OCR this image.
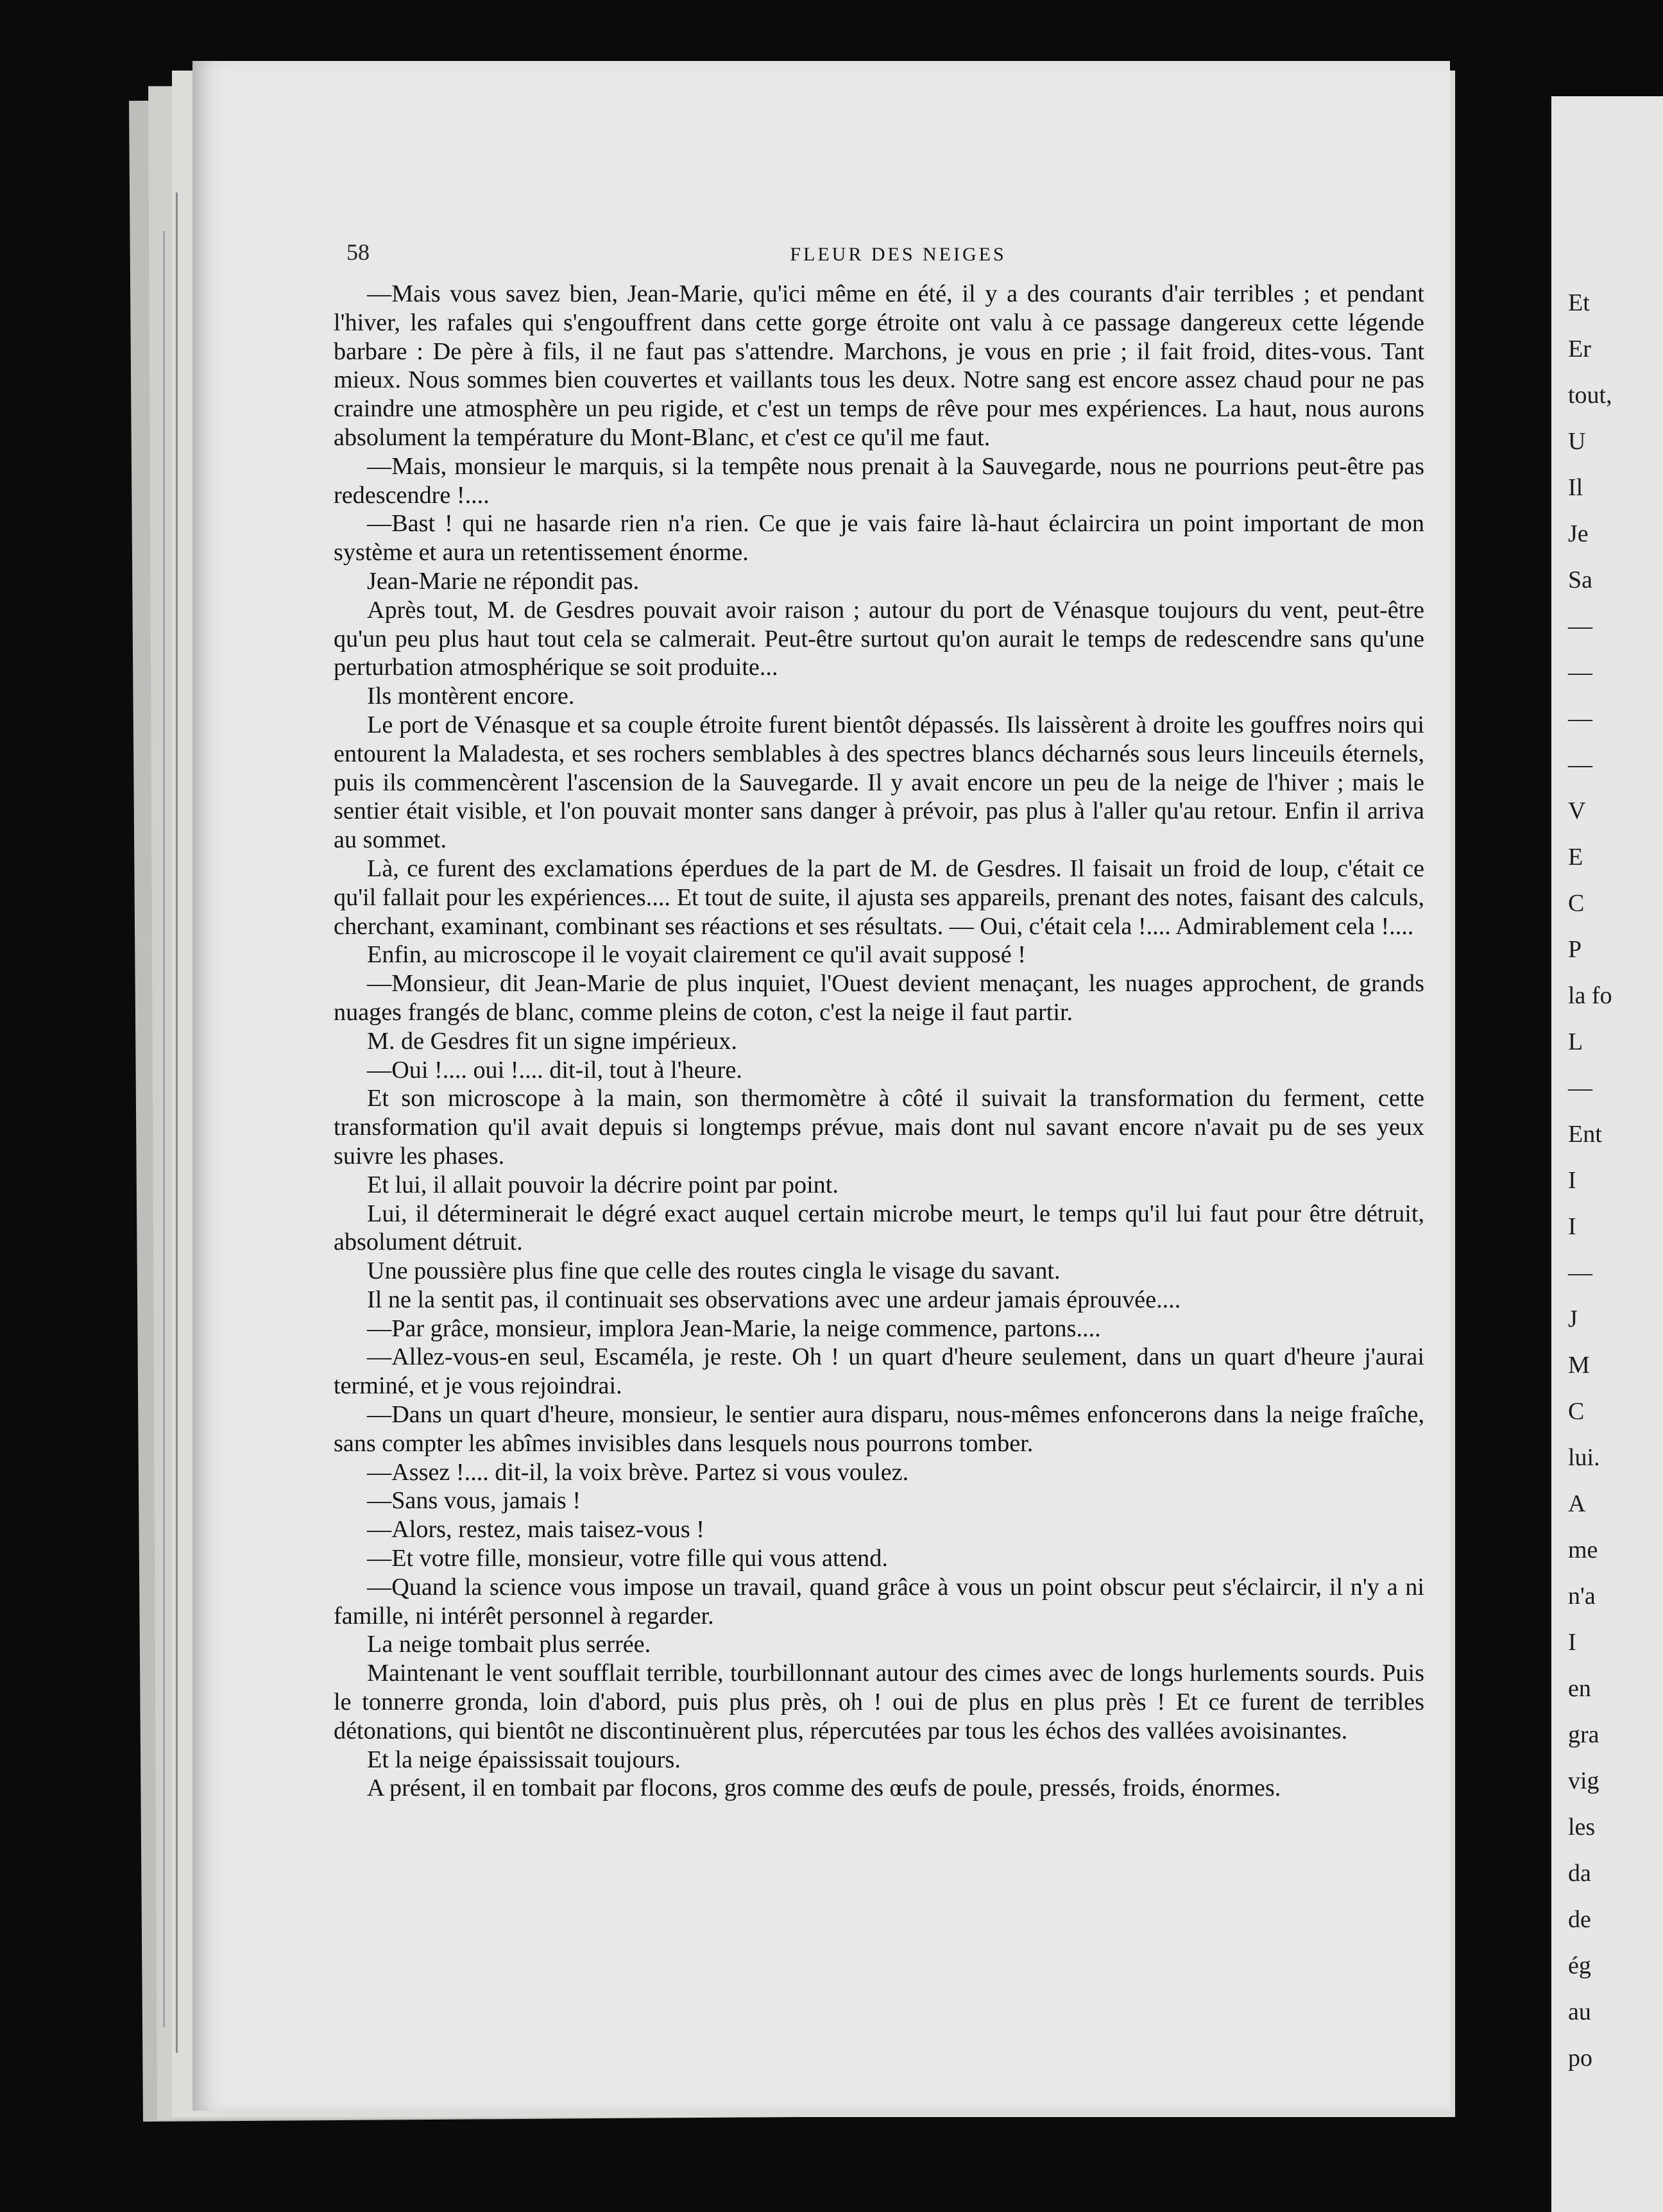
58	FLEUR DES NEIGES

—Mais vous savez bien, Jean-Marie, qu'ici même en été, il y a des courants d'air terribles ; et pendant l'hiver, les rafales qui s'engouffrent dans cette gorge étroite ont valu à ce passage dangereux cette légende barbare : De père à fils, il ne faut pas s'attendre. Marchons, je vous en prie ; il fait froid, dites-vous. Tant mieux. Nous sommes bien couvertes et vaillants tous les deux. Notre sang est encore assez chaud pour ne pas craindre une atmosphère un peu rigide, et c'est un temps de rêve pour mes expériences. La haut, nous aurons absolument la température du Mont-Blanc, et c'est ce qu'il me faut.

—Mais, monsieur le marquis, si la tempête nous prenait à la Sauvegarde, nous ne pourrions peut-être pas redescendre !....

—Bast ! qui ne hasarde rien n'a rien. Ce que je vais faire là-haut éclaircira un point important de mon système et aura un retentissement énorme.

Jean-Marie ne répondit pas.

Après tout, M. de Gesdres pouvait avoir raison ; autour du port de Vénasque toujours du vent, peut-être qu'un peu plus haut tout cela se calmerait. Peut-être surtout qu'on aurait le temps de redescendre sans qu'une perturbation atmosphérique se soit produite...

Ils montèrent encore.

Le port de Vénasque et sa couple étroite furent bientôt dépassés. Ils laissèrent à droite les gouffres noirs qui entourent la Maladesta, et ses rochers semblables à des spectres blancs décharnés sous leurs linceuils éternels, puis ils commencèrent l'ascension de la Sauvegarde. Il y avait encore un peu de la neige de l'hiver ; mais le sentier était visible, et l'on pouvait monter sans danger à prévoir, pas plus à l'aller qu'au retour. Enfin il arriva au sommet.

Là, ce furent des exclamations éperdues de la part de M. de Gesdres. Il faisait un froid de loup, c'était ce qu'il fallait pour les expériences.... Et tout de suite, il ajusta ses appareils, prenant des notes, faisant des calculs, cherchant, examinant, combinant ses réactions et ses résultats. — Oui, c'était cela !.... Admirablement cela !....

Enfin, au microscope il le voyait clairement ce qu'il avait supposé !

—Monsieur, dit Jean-Marie de plus inquiet, l'Ouest devient menaçant, les nuages approchent, de grands nuages frangés de blanc, comme pleins de coton, c'est la neige il faut partir.

M. de Gesdres fit un signe impérieux.

—Oui !.... oui !.... dit-il, tout à l'heure.

Et son microscope à la main, son thermomètre à côté il suivait la transformation du ferment, cette transformation qu'il avait depuis si longtemps prévue, mais dont nul savant encore n'avait pu de ses yeux suivre les phases.

Et lui, il allait pouvoir la décrire point par point.

Lui, il déterminerait le dégré exact auquel certain microbe meurt, le temps qu'il lui faut pour être détruit, absolument détruit.

Une poussière plus fine que celle des routes cingla le visage du savant.

Il ne la sentit pas, il continuait ses observations avec une ardeur jamais éprouvée....

—Par grâce, monsieur, implora Jean-Marie, la neige commence, partons....

—Allez-vous-en seul, Escaméla, je reste. Oh ! un quart d'heure seulement, dans un quart d'heure j'aurai terminé, et je vous rejoindrai.

—Dans un quart d'heure, monsieur, le sentier aura disparu, nous-mêmes enfoncerons dans la neige fraîche, sans compter les abîmes invisibles dans lesquels nous pourrons tomber.

—Assez !.... dit-il, la voix brève. Partez si vous voulez.

—Sans vous, jamais !

—Alors, restez, mais taisez-vous !

—Et votre fille, monsieur, votre fille qui vous attend.

—Quand la science vous impose un travail, quand grâce à vous un point obscur peut s'éclaircir, il n'y a ni famille, ni intérêt personnel à regarder.

La neige tombait plus serrée.

Maintenant le vent soufflait terrible, tourbillonnant autour des cimes avec de longs hurlements sourds. Puis le tonnerre gronda, loin d'abord, puis plus près, oh ! oui de plus en plus près ! Et ce furent de terribles détonations, qui bientôt ne discontinuèrent plus, répercutées par tous les échos des vallées avoisinantes.

Et la neige épaississait toujours.

A présent, il en tombait par flocons, gros comme des œufs de poule, pressés, froids, énormes.

Et
Er
tout,
U
Il
Je
Sa
—
—
—
—
V
E
C
P
la fo
L
—
Ent
I
I
—
J
M
C
lui.
A
me
n'a
I
en
gra
vig
les
da
de
ég
au
po
